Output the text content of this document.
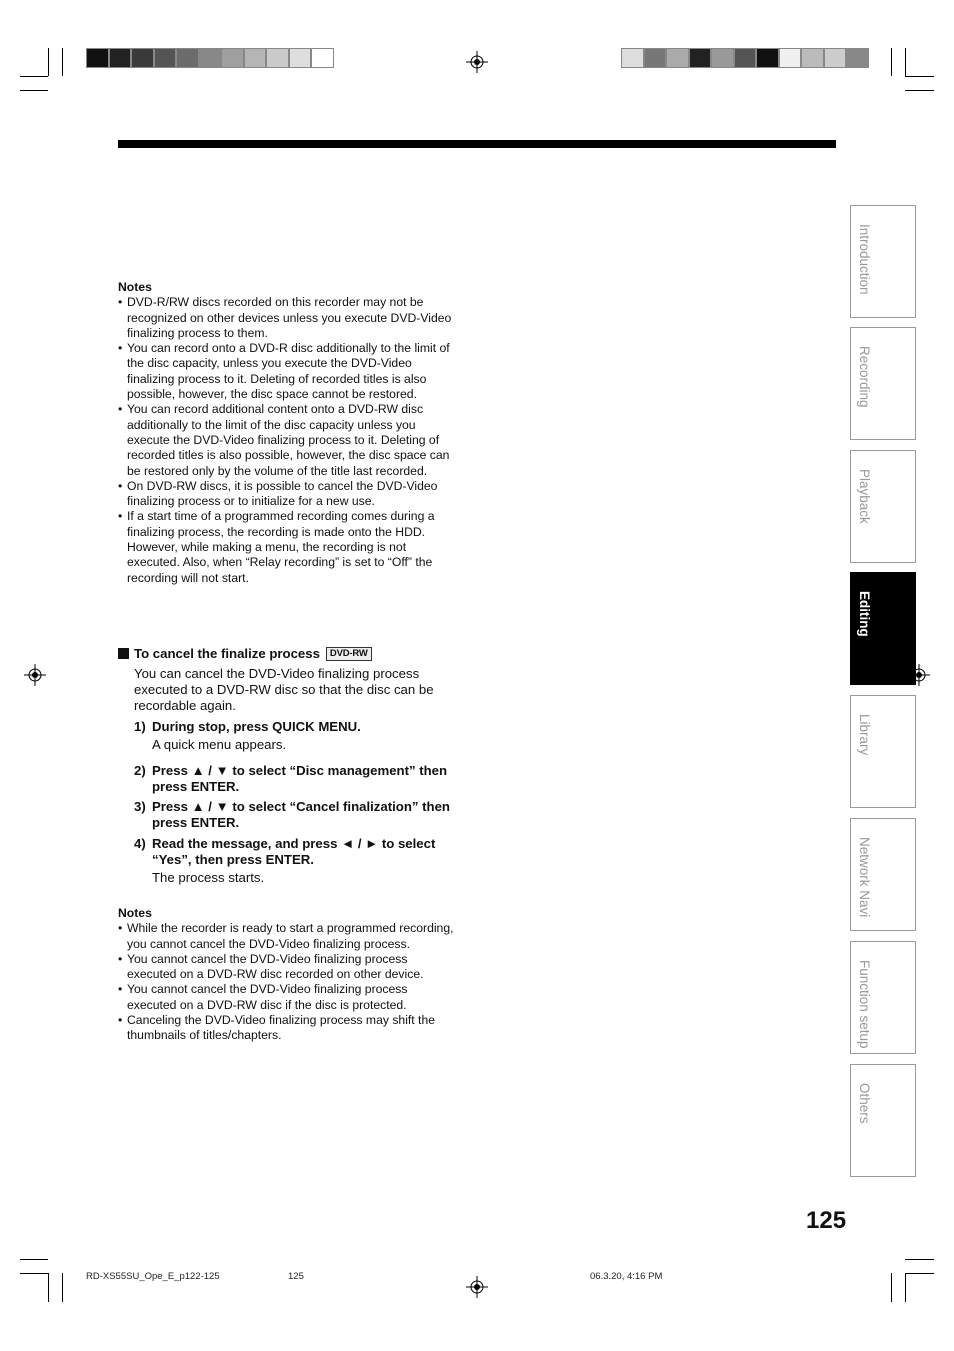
Notes
• DVD-R/RW discs recorded on this recorder may not be recognized on other devices unless you execute DVD-Video finalizing process to them.
• You can record onto a DVD-R disc additionally to the limit of the disc capacity, unless you execute the DVD-Video finalizing process to it. Deleting of recorded titles is also possible, however, the disc space cannot be restored.
• You can record additional content onto a DVD-RW disc additionally to the limit of the disc capacity unless you execute the DVD-Video finalizing process to it. Deleting of recorded titles is also possible, however, the disc space can be restored only by the volume of the title last recorded.
• On DVD-RW discs, it is possible to cancel the DVD-Video finalizing process or to initialize for a new use.
• If a start time of a programmed recording comes during a finalizing process, the recording is made onto the HDD. However, while making a menu, the recording is not executed. Also, when “Relay recording” is set to “Off” the recording will not start.
To cancel the finalize process	DVD-RW
You can cancel the DVD-Video finalizing process executed to a DVD-RW disc so that the disc can be recordable again.
1) During stop, press QUICK MENU.
A quick menu appears.
2) Press ▲ / ▼ to select “Disc management” then press ENTER.
3) Press ▲ / ▼ to select “Cancel finalization” then press ENTER.
4) Read the message, and press ◄ / ► to select “Yes”, then press ENTER.
The process starts.
Notes
• While the recorder is ready to start a programmed recording, you cannot cancel the DVD-Video finalizing process.
• You cannot cancel the DVD-Video finalizing process executed on a DVD-RW disc recorded on other device.
• You cannot cancel the DVD-Video finalizing process executed on a DVD-RW disc if the disc is protected.
• Canceling the DVD-Video finalizing process may shift the thumbnails of titles/chapters.
Introduction
Recording
Playback
Editing
Library
Network Navi
Function setup
Others
125
RD-XS55SU_Ope_E_p122-125	125	06.3.20, 4:16 PM
